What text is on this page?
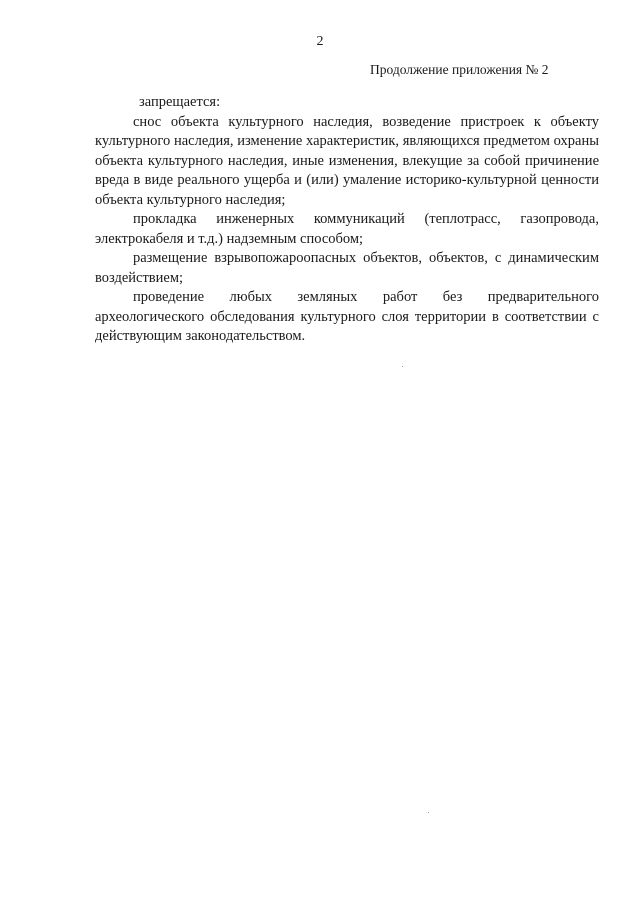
2
Продолжение приложения № 2

запрещается:

снос объекта культурного наследия, возведение пристроек к объекту культурного наследия, изменение характеристик, являющихся предметом охраны объекта культурного наследия, иные изменения, влекущие за собой причинение вреда в виде реального ущерба и (или) умаление историко-культурной ценности объекта культурного наследия;

прокладка инженерных коммуникаций (теплотрасс, газопровода, электрокабеля и т.д.) надземным способом;

размещение взрывопожароопасных объектов, объектов, с динамическим воздействием;

проведение любых земляных работ без предварительного археологического обследования культурного слоя территории в соответствии с действующим законодательством.
